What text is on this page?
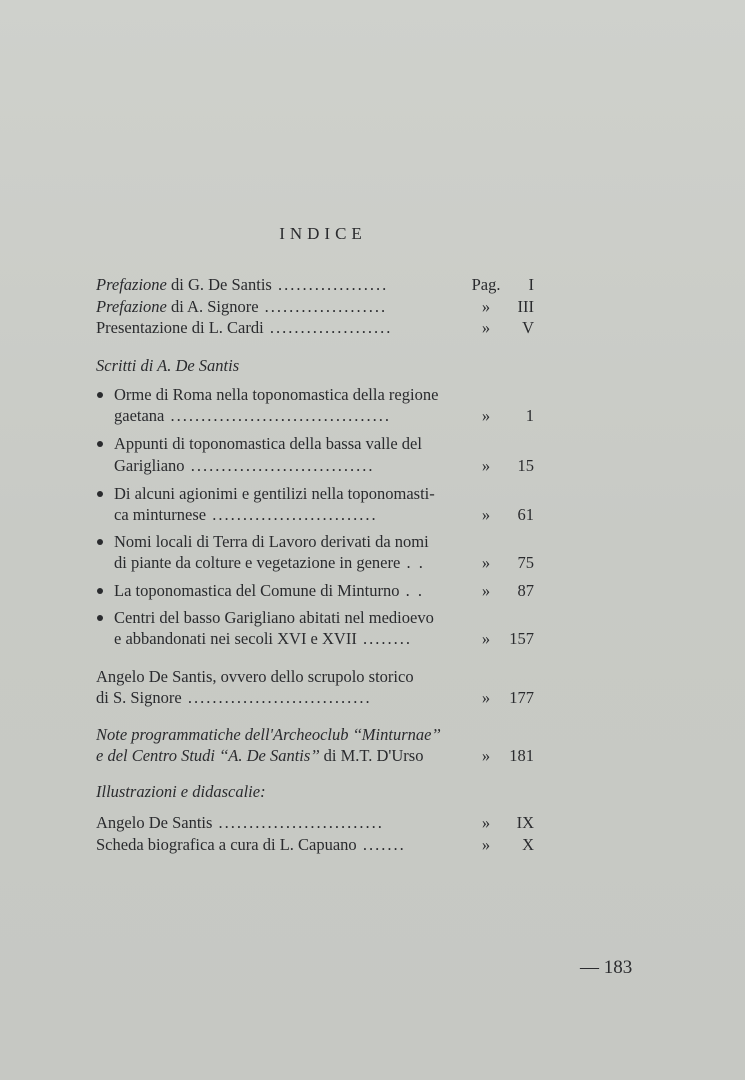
INDICE
Prefazione di G. De Santis ..................	Pag.	I
Prefazione di A. Signore ....................	»	III
Presentazione di L. Cardi ....................	»	V
Scritti di A. De Santis
Orme di Roma nella toponomastica della regione
gaetana ....................................	»	1
Appunti di toponomastica della bassa valle del
Garigliano ..............................	»	15
Di alcuni agionimi e gentilizi nella toponomasti-
ca minturnese ...........................	»	61
Nomi locali di Terra di Lavoro derivati da nomi
di piante da colture e vegetazione in genere . .	»	75
La toponomastica del Comune di Minturno . .	»	87
Centri del basso Garigliano abitati nel medioevo
e abbandonati nei secoli XVI e XVII ........	»	157
Angelo De Santis, ovvero dello scrupolo storico
di S. Signore ..............................	»	177
Note programmatiche dell'Archeoclub ‘‘Minturnae’’
e del Centro Studi ‘‘A. De Santis’’ di M.T. D'Urso	»	181
Illustrazioni e didascalie:
Angelo De Santis ...........................	»	IX
Scheda biografica a cura di L. Capuano .......	»	X
— 183
